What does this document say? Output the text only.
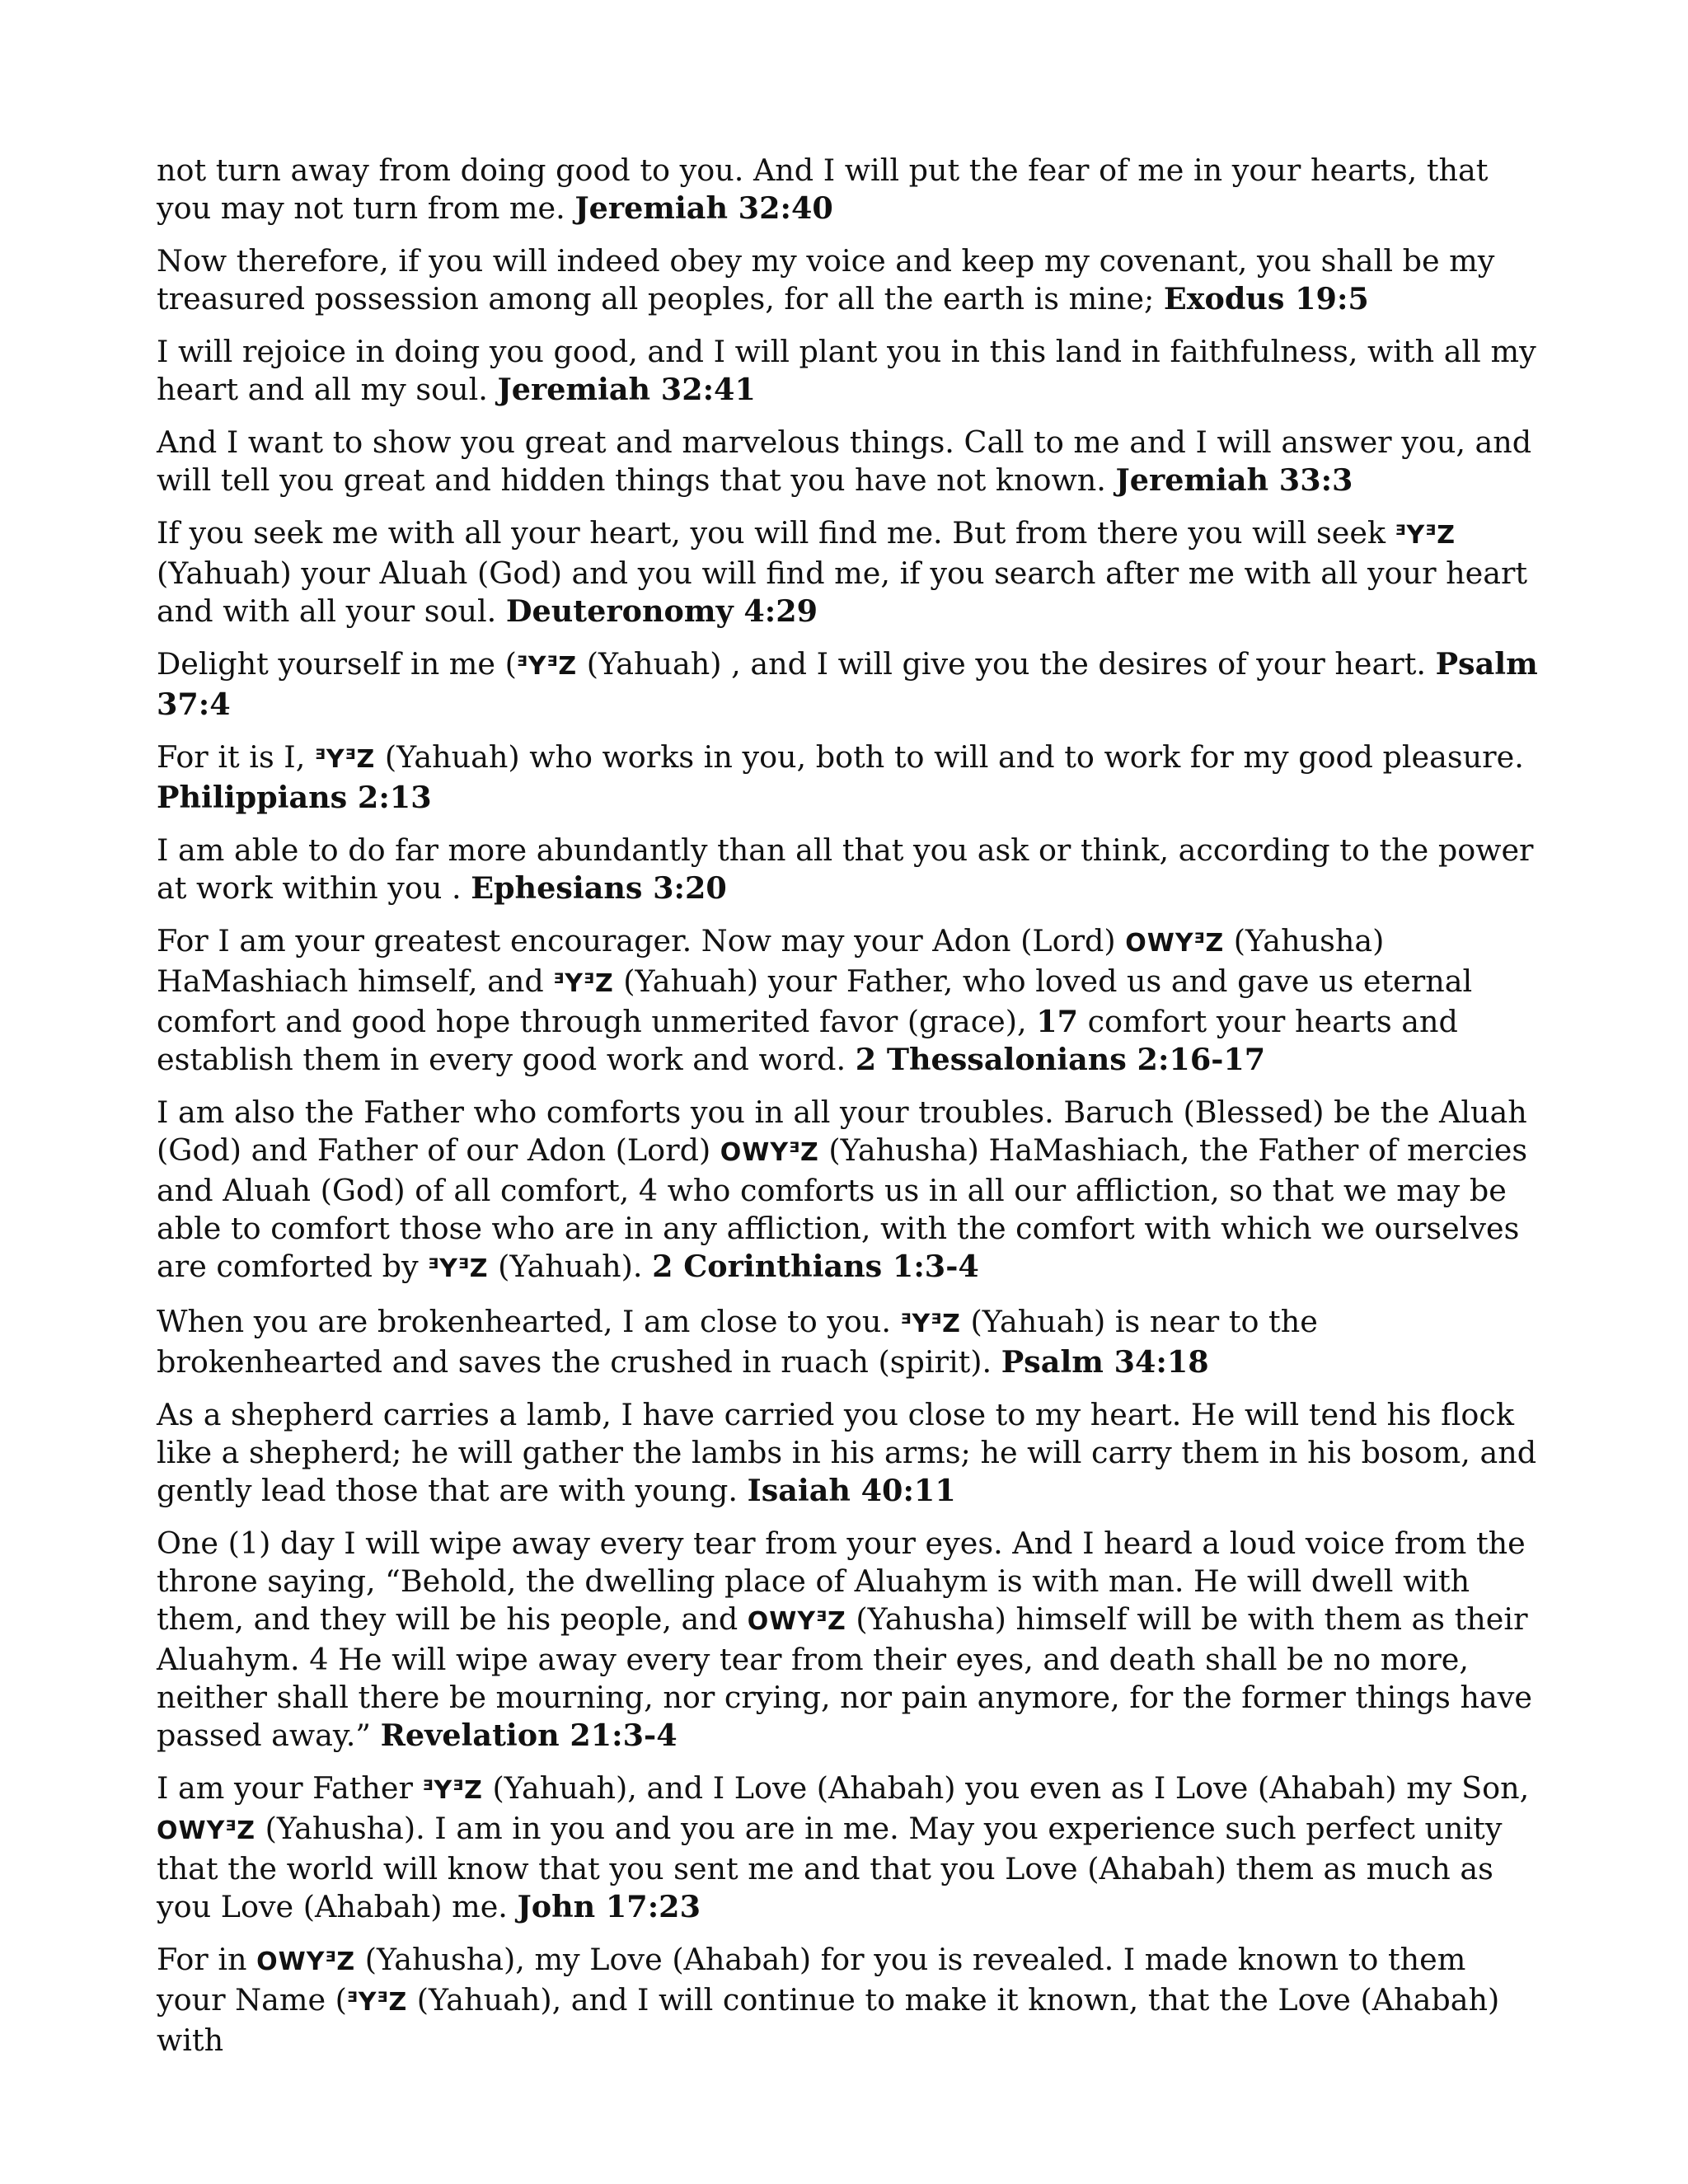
not turn away from doing good to you. And I will put the fear of me in your hearts, that you may not turn from me. Jeremiah 32:40

Now therefore, if you will indeed obey my voice and keep my covenant, you shall be my treasured possession among all peoples, for all the earth is mine; Exodus 19:5

I will rejoice in doing you good, and I will plant you in this land in faithfulness, with all my heart and all my soul. Jeremiah 32:41

And I want to show you great and marvelous things. Call to me and I will answer you, and will tell you great and hidden things that you have not known. Jeremiah 33:3

If you seek me with all your heart, you will find me. But from there you will seek ᴲYᴲZ (Yahuah) your Aluah (God) and you will find me, if you search after me with all your heart and with all your soul. Deuteronomy 4:29

Delight yourself in me (ᴲYᴲZ (Yahuah) , and I will give you the desires of your heart. Psalm 37:4

For it is I, ᴲYᴲZ (Yahuah) who works in you, both to will and to work for my good pleasure. Philippians 2:13

I am able to do far more abundantly than all that you ask or think, according to the power at work within you . Ephesians 3:20

For I am your greatest encourager. Now may your Adon (Lord) OWYᴲZ (Yahusha) HaMashiach himself, and ᴲYᴲZ (Yahuah) your Father, who loved us and gave us eternal comfort and good hope through unmerited favor (grace), 17 comfort your hearts and establish them in every good work and word. 2 Thessalonians 2:16-17

I am also the Father who comforts you in all your troubles. Baruch (Blessed) be the Aluah (God) and Father of our Adon (Lord) OWYᴲZ (Yahusha) HaMashiach, the Father of mercies and Aluah (God) of all comfort, 4 who comforts us in all our affliction, so that we may be able to comfort those who are in any affliction, with the comfort with which we ourselves are comforted by ᴲYᴲZ (Yahuah). 2 Corinthians 1:3-4

When you are brokenhearted, I am close to you. ᴲYᴲZ (Yahuah) is near to the brokenhearted and saves the crushed in ruach (spirit). Psalm 34:18

As a shepherd carries a lamb, I have carried you close to my heart. He will tend his flock like a shepherd; he will gather the lambs in his arms; he will carry them in his bosom, and gently lead those that are with young. Isaiah 40:11

One (1) day I will wipe away every tear from your eyes. And I heard a loud voice from the throne saying, “Behold, the dwelling place of Aluahym is with man. He will dwell with them, and they will be his people, and OWYᴲZ (Yahusha) himself will be with them as their Aluahym. 4 He will wipe away every tear from their eyes, and death shall be no more, neither shall there be mourning, nor crying, nor pain anymore, for the former things have passed away.” Revelation 21:3-4

I am your Father ᴲYᴲZ (Yahuah), and I Love (Ahabah) you even as I Love (Ahabah) my Son, OWYᴲZ (Yahusha). I am in you and you are in me. May you experience such perfect unity that the world will know that you sent me and that you Love (Ahabah) them as much as you Love (Ahabah) me. John 17:23

For in OWYᴲZ (Yahusha), my Love (Ahabah) for you is revealed. I made known to them your Name (ᴲYᴲZ (Yahuah), and I will continue to make it known, that the Love (Ahabah) with
